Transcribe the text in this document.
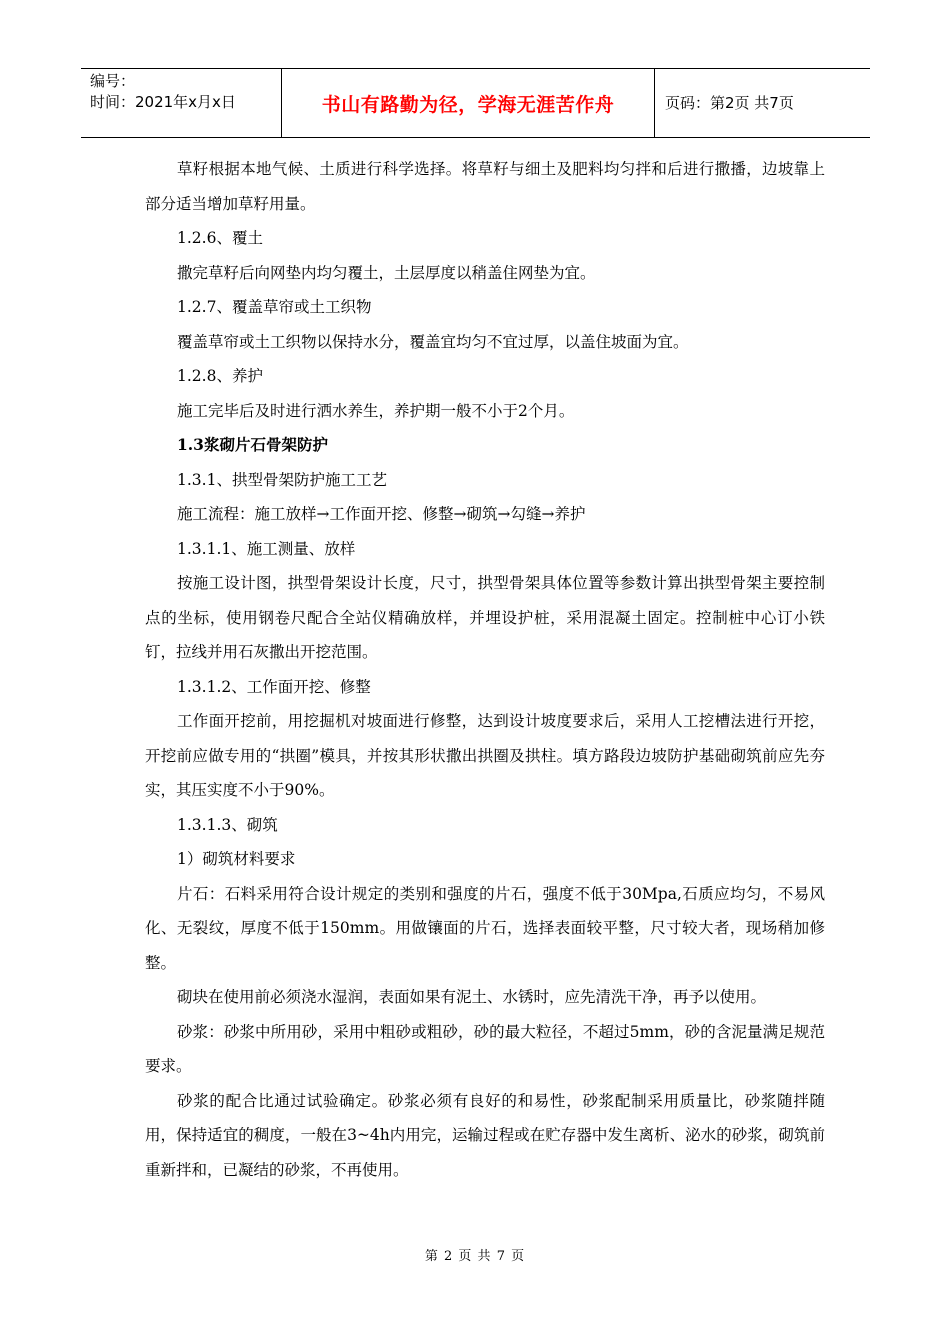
编号：
时间：2021年x月x日	书山有路勤为径，学海无涯苦作舟	页码：第2页 共7页

草籽根据本地气候、土质进行科学选择。将草籽与细土及肥料均匀拌和后进行撒播，边坡靠上部分适当增加草籽用量。

1.2.6、覆土

撒完草籽后向网垫内均匀覆土，土层厚度以稍盖住网垫为宜。

1.2.7、覆盖草帘或土工织物

覆盖草帘或土工织物以保持水分，覆盖宜均匀不宜过厚，以盖住坡面为宜。

1.2.8、养护

施工完毕后及时进行洒水养生，养护期一般不小于2个月。

1.3浆砌片石骨架防护

1.3.1、拱型骨架防护施工工艺

施工流程：施工放样→工作面开挖、修整→砌筑→勾缝→养护

1.3.1.1、施工测量、放样

按施工设计图，拱型骨架设计长度，尺寸，拱型骨架具体位置等参数计算出拱型骨架主要控制点的坐标，使用钢卷尺配合全站仪精确放样，并埋设护桩，采用混凝土固定。控制桩中心订小铁钉，拉线并用石灰撒出开挖范围。

1.3.1.2、工作面开挖、修整

工作面开挖前，用挖掘机对坡面进行修整，达到设计坡度要求后，采用人工挖槽法进行开挖，开挖前应做专用的“拱圈”模具，并按其形状撒出拱圈及拱柱。填方路段边坡防护基础砌筑前应先夯实，其压实度不小于90%。

1.3.1.3、砌筑

1）砌筑材料要求

片石：石料采用符合设计规定的类别和强度的片石，强度不低于30Mpa,石质应均匀，不易风化、无裂纹，厚度不低于150mm。用做镶面的片石，选择表面较平整，尺寸较大者，现场稍加修整。

砌块在使用前必须浇水湿润，表面如果有泥土、水锈时，应先清洗干净，再予以使用。

砂浆：砂浆中所用砂，采用中粗砂或粗砂，砂的最大粒径，不超过5mm，砂的含泥量满足规范要求。

砂浆的配合比通过试验确定。砂浆必须有良好的和易性，砂浆配制采用质量比，砂浆随拌随用，保持适宜的稠度，一般在3~4h内用完，运输过程或在贮存器中发生离析、泌水的砂浆，砌筑前重新拌和，已凝结的砂浆，不再使用。

第 2 页 共 7 页
